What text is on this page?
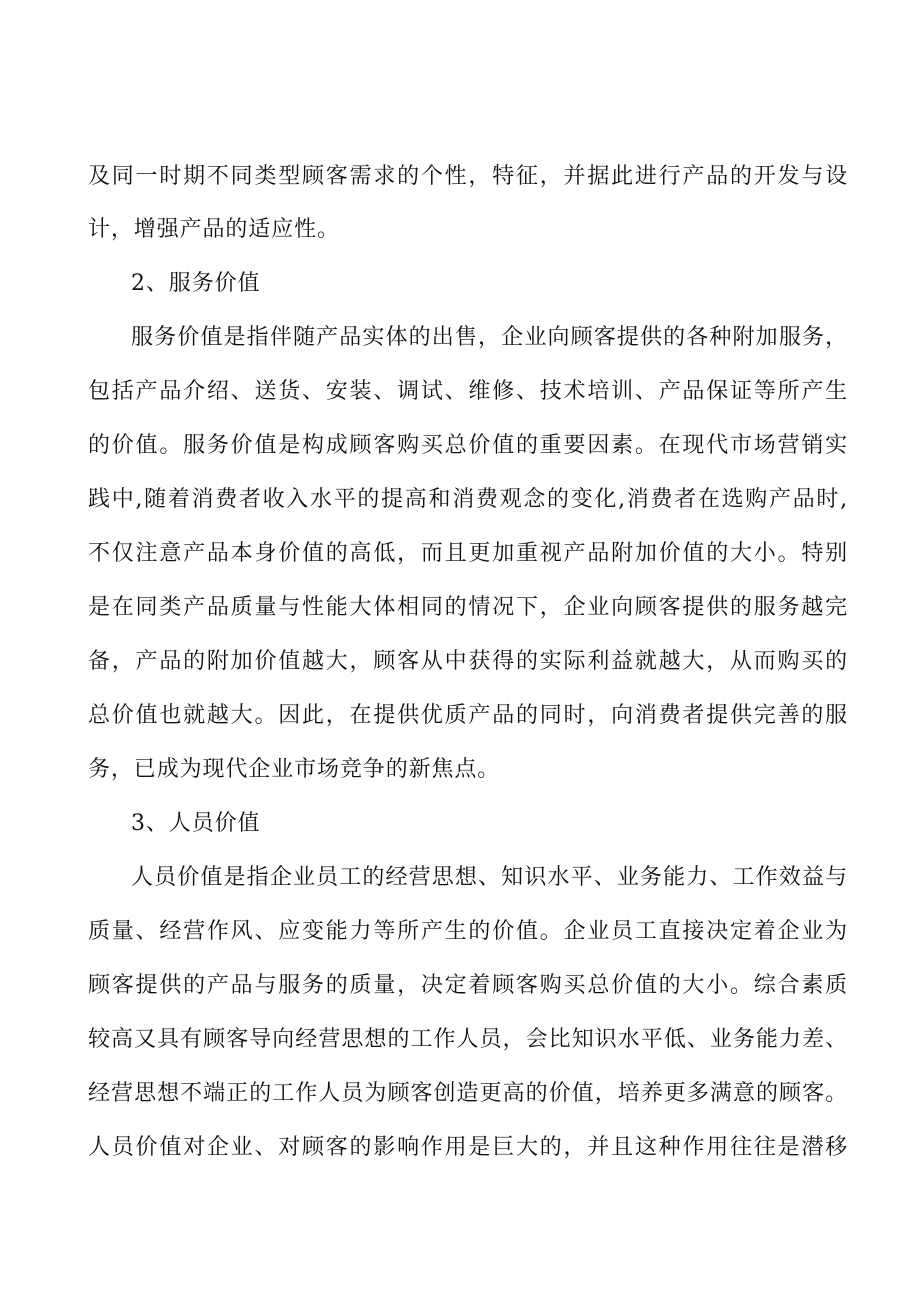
及同一时期不同类型顾客需求的个性，特征，并据此进行产品的开发与设
计，增强产品的适应性。
2、服务价值
服务价值是指伴随产品实体的出售，企业向顾客提供的各种附加服务，
包括产品介绍、送货、安装、调试、维修、技术培训、产品保证等所产生
的价值。服务价值是构成顾客购买总价值的重要因素。在现代市场营销实
践中,随着消费者收入水平的提高和消费观念的变化,消费者在选购产品时,
不仅注意产品本身价值的高低，而且更加重视产品附加价值的大小。特别
是在同类产品质量与性能大体相同的情况下，企业向顾客提供的服务越完
备，产品的附加价值越大，顾客从中获得的实际利益就越大，从而购买的
总价值也就越大。因此，在提供优质产品的同时，向消费者提供完善的服
务，已成为现代企业市场竞争的新焦点。
3、人员价值
人员价值是指企业员工的经营思想、知识水平、业务能力、工作效益与
质量、经营作风、应变能力等所产生的价值。企业员工直接决定着企业为
顾客提供的产品与服务的质量，决定着顾客购买总价值的大小。综合素质
较高又具有顾客导向经营思想的工作人员，会比知识水平低、业务能力差、
经营思想不端正的工作人员为顾客创造更高的价值，培养更多满意的顾客。
人员价值对企业、对顾客的影响作用是巨大的，并且这种作用往往是潜移
